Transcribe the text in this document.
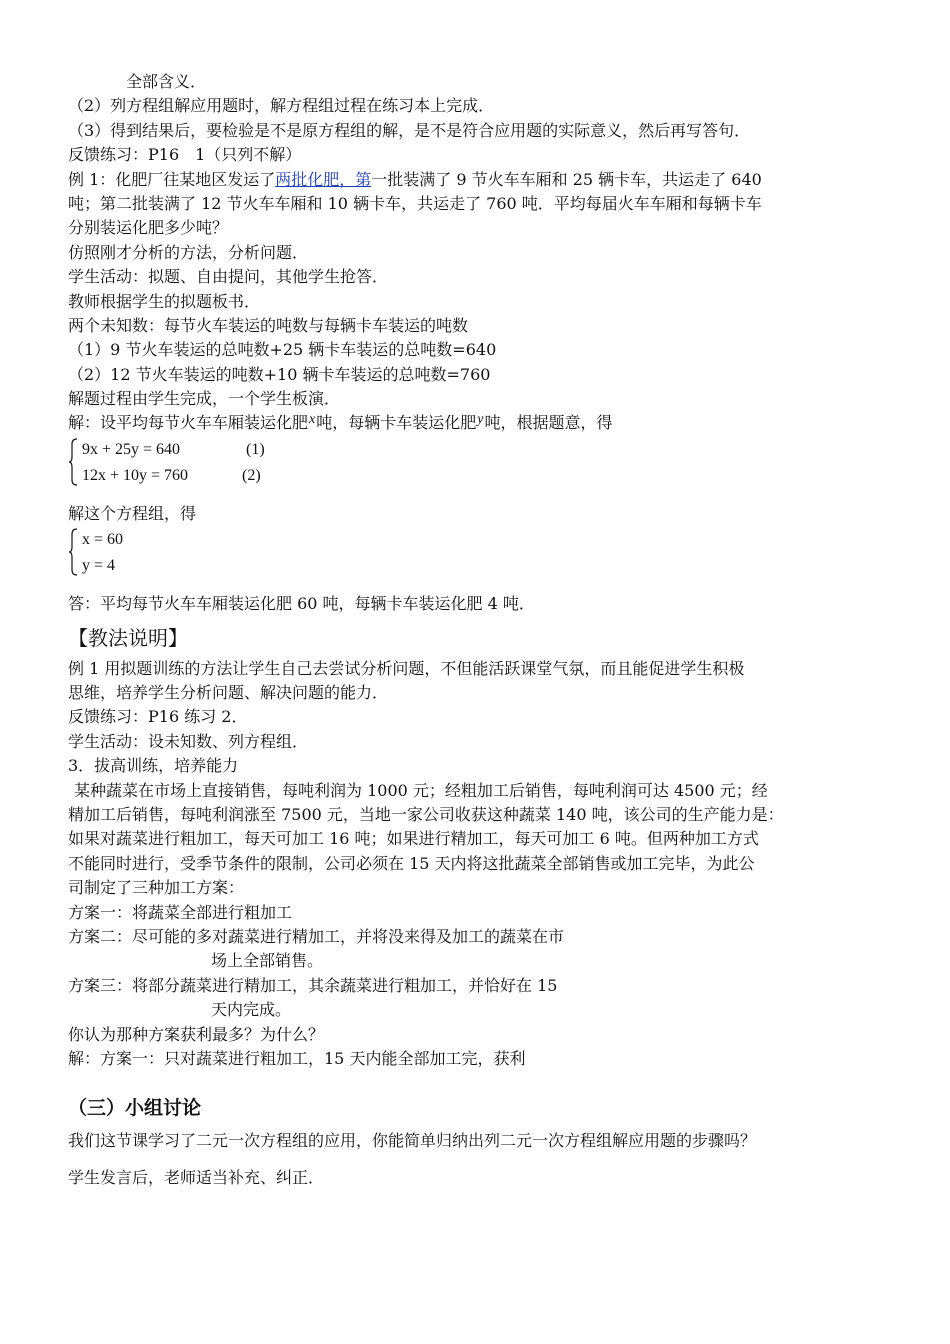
全部含义．
（2）列方程组解应用题时，解方程组过程在练习本上完成．
（3）得到结果后，要检验是不是原方程组的解，是不是符合应用题的实际意义，然后再写答句．
反馈练习：P16　1（只列不解）
例 1：化肥厂往某地区发运了两批化肥，第一批装满了 9 节火车车厢和 25 辆卡车，共运走了 640
吨；第二批装满了 12 节火车车厢和 10 辆卡车，共运走了 760 吨．平均每届火车车厢和每辆卡车
分别装运化肥多少吨？
仿照刚才分析的方法，分析问题．
学生活动：拟题、自由提问，其他学生抢答．
教师根据学生的拟题板书．
两个未知数：每节火车装运的吨数与每辆卡车装运的吨数
（1）9 节火车装运的总吨数+25 辆卡车装运的总吨数=640
（2）12 节火车装运的吨数+10 辆卡车装运的总吨数=760
解题过程由学生完成，一个学生板演．
解：设平均每节火车车厢装运化肥x吨，每辆卡车装运化肥y吨，根据题意，得
9x + 25y = 640	(1)
12x + 10y = 760	(2)
解这个方程组，得
x = 60
y = 4
答：平均每节火车车厢装运化肥 60 吨，每辆卡车装运化肥 4 吨．
【教法说明】
例 1 用拟题训练的方法让学生自己去尝试分析问题，不但能活跃课堂气氛，而且能促进学生积极
思维，培养学生分析问题、解决问题的能力．
反馈练习：P16 练习 2．
学生活动：设未知数、列方程组．
3．拔高训练，培养能力
某种蔬菜在市场上直接销售，每吨利润为 1000 元；经粗加工后销售，每吨利润可达 4500 元；经
精加工后销售，每吨利润涨至 7500 元，当地一家公司收获这种蔬菜 140 吨，该公司的生产能力是：
如果对蔬菜进行粗加工，每天可加工 16 吨；如果进行精加工，每天可加工 6 吨。但两种加工方式
不能同时进行，受季节条件的限制，公司必须在 15 天内将这批蔬菜全部销售或加工完毕，为此公
司制定了三种加工方案：
方案一：将蔬菜全部进行粗加工
方案二：尽可能的多对蔬菜进行精加工，并将没来得及加工的蔬菜在市
场上全部销售。
方案三：将部分蔬菜进行精加工，其余蔬菜进行粗加工，并恰好在 15
天内完成。
你认为那种方案获利最多？为什么？
解：方案一：只对蔬菜进行粗加工，15 天内能全部加工完，获利
（三）小组讨论
我们这节课学习了二元一次方程组的应用，你能简单归纳出列二元一次方程组解应用题的步骤吗？
学生发言后，老师适当补充、纠正．
